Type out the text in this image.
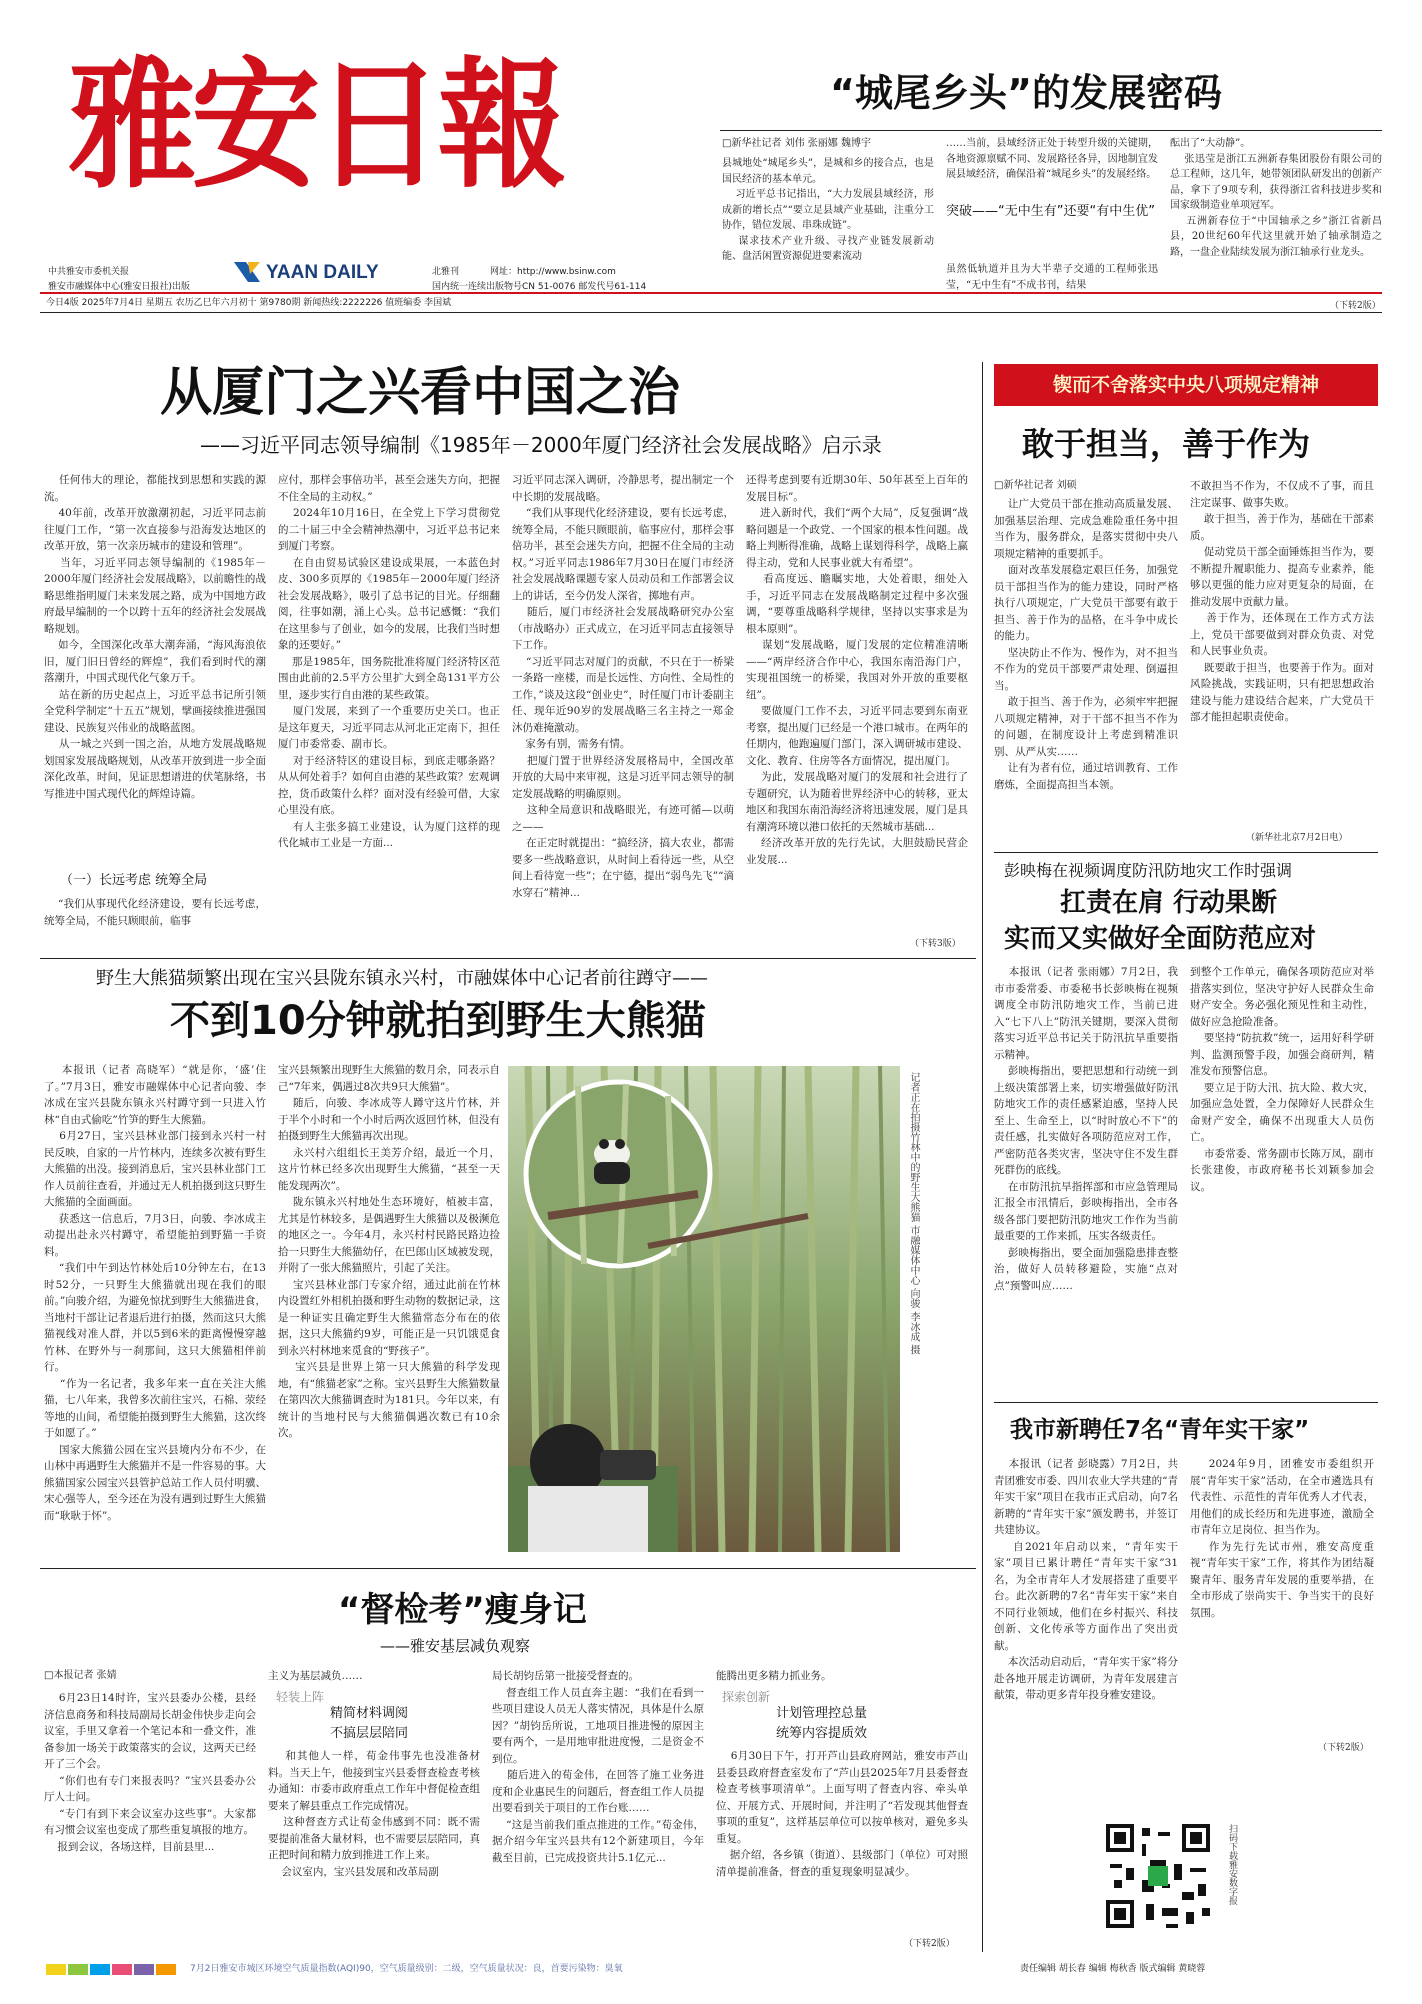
雅安日報
中共雅安市委机关报
雅安市融媒体中心(雅安日报社)出版
YAAN DAILY	北雅刊	网址：http://www.bsinw.com
国内统一连续出版物号CN 51-0076 邮发代号61-114
“城尾乡头”的发展密码
□新华社记者 刘伟 张丽娜 魏博宇
县城地处“城尾乡头”，是城和乡的接合点，也是国民经济的基本单元。
习近平总书记指出，“大力发展县域经济，形成新的增长点”“要立足县域产业基础，注重分工协作，错位发展、串珠成链”。
谋求技术产业升级、寻找产业链发展新动能、盘活闲置资源促进要素流动
……当前，县域经济正处于转型升级的关键期，各地资源禀赋不同、发展路径各异，因地制宜发展县域经济，确保沿着“城尾乡头”的发展经络。
突破——“无中生有”还要“有中生优”
虽然低轨道并且为大半辈子交通的工程师张迅莹，“无中生有”不成书刊，结果
酝出了“大动静”。
张迅莹是浙江五洲新春集团股份有限公司的总工程师，这几年，她带领团队研发出的创新产品，拿下了9项专利，获得浙江省科技进步奖和国家级制造业单项冠军。
五洲新春位于“中国轴承之乡”浙江省新昌县，20世纪60年代这里就开始了轴承制造之路，一盘企业陆续发展为浙江轴承行业龙头。
（下转2版）
今日4版 2025年7月4日 星期五 农历乙巳年六月初十 第9780期 新闻热线:2222226 值班编委 李国斌
从厦门之兴看中国之治
——习近平同志领导编制《1985年－2000年厦门经济社会发展战略》启示录
任何伟大的理论，都能找到思想和实践的源流。
40年前，改革开放激潮初起，习近平同志前往厦门工作，“第一次直接参与沿海发达地区的改革开放，第一次亲历城市的建设和管理”。
当年，习近平同志领导编制的《1985年－2000年厦门经济社会发展战略》，以前瞻性的战略思维指明厦门未来发展之路，成为中国地方政府最早编制的一个以跨十五年的经济社会发展战略规划。
如今，全国深化改革大潮奔涌，“海风海浪依旧，厦门旧日曾经的辉煌”，我们看到时代的潮落潮升，中国式现代化气象万千。
站在新的历史起点上，习近平总书记所引领全党科学制定“十五五”规划，擘画接续推进强国建设、民族复兴伟业的战略蓝图。
从一城之兴到一国之治，从地方发展战略规划国家发展战略规划，从改革开放到进一步全面深化改革，时间，见证思想谱进的伏笔脉络，书写推进中国式现代化的辉煌诗篇。
（一）长远考虑 统筹全局
“我们从事现代化经济建设，要有长远考虑，统筹全局，不能只顾眼前，临事
应付，那样会事倍功半，甚至会迷失方向，把握不住全局的主动权。”
2024年10月16日，在全党上下学习贯彻党的二十届三中全会精神热潮中，习近平总书记来到厦门考察。
在自由贸易试验区建设成果展，一本蓝色封皮、300多页厚的《1985年－2000年厦门经济社会发展战略》，吸引了总书记的目光。仔细翻阅，往事如潮，涌上心头。总书记感慨：“我们在这里参与了创业，如今的发展，比我们当时想象的还要好。”
那是1985年，国务院批准将厦门经济特区范围由此前的2.5平方公里扩大到全岛131平方公里，逐步实行自由港的某些政策。
厦门发展，来到了一个重要历史关口。也正是这年夏天，习近平同志从河北正定南下，担任厦门市委常委、副市长。
对于经济特区的建设目标，到底走哪条路？从从何处着手？如何自由港的某些政策？宏观调控，货币政策什么样？面对没有经验可借，大家心里没有底。
有人主张多搞工业建设，认为厦门这样的现代化城市工业是一方面...
习近平同志深入调研，冷静思考，提出制定一个中长期的发展战略。
“我们从事现代化经济建设，要有长远考虑，统筹全局，不能只顾眼前，临事应付，那样会事倍功半，甚至会迷失方向，把握不住全局的主动权。”习近平同志1986年7月30日在厦门市经济社会发展战略课题专家人员动员和工作部署会议上的讲话，至今仍发人深省，掷地有声。
随后，厦门市经济社会发展战略研究办公室（市战略办）正式成立，在习近平同志直接领导下工作。
“习近平同志对厦门的贡献，不只在于一桥梁一条路一座楼，而是长远性、方向性、全局性的工作，”谈及这段“创业史”，时任厦门市计委副主任、现年近90岁的发展战略三名主持之一郑金沐仍难掩激动。
家务有别，需务有情。
把厦门置于世界经济发展格局中，全国改革开放的大局中来审视，这是习近平同志领导的制定发展战略的明确原则。
这种全局意识和战略眼光，有迹可循—以萌之——
在正定时就提出：“搞经济，搞大农业，都需要多一些战略意识，从时间上看待远一些，从空间上看待宽一些”；在宁德，提出“弱鸟先飞”“滴水穿石”精神...
还得考虑到要有近期30年、50年甚至上百年的发展目标”。
进入新时代，我们“两个大局”，反复强调“战略问题是一个政党、一个国家的根本性问题。战略上判断得准确，战略上谋划得科学，战略上赢得主动，党和人民事业就大有希望”。
看高度远、瞻瞩实地，大处着眼，细处入手，习近平同志在发展战略制定过程中多次强调，“要尊重战略科学规律，坚持以实事求是为根本原则”。
谋划“发展战略，厦门发展的定位精准清晰——“两岸经济合作中心，我国东南沿海门户，实现祖国统一的桥梁，我国对外开放的重要枢纽”。
要做厦门工作不去，习近平同志要到东南亚考察，提出厦门已经是一个港口城市。在两年的任期内，他跑遍厦门部门，深入调研城市建设、文化、教育、住房等各方面情况，提出厦门。
为此，发展战略对厦门的发展和社会进行了专题研究，认为随着世界经济中心的转移，亚太地区和我国东南沿海经济将迅速发展，厦门是具有潮湾环境以港口依托的天然城市基础...
经济改革开放的先行先试，大胆鼓励民营企业发展...
（下转3版）
野生大熊猫频繁出现在宝兴县陇东镇永兴村，市融媒体中心记者前往蹲守——
不到10分钟就拍到野生大熊猫
本报讯（记者 高晓军）“就是你，‘盛’住了。”7月3日，雅安市融媒体中心记者向骏、李冰成在宝兴县陇东镇永兴村蹲守到一只进入竹林“自由式偷吃”竹笋的野生大熊猫。
6月27日，宝兴县林业部门接到永兴村一村民反映，自家的一片竹林内，连续多次被有野生大熊猫的出没。接到消息后，宝兴县林业部门工作人员前往查看，并通过无人机拍摄到这只野生大熊猫的全面画面。
获悉这一信息后，7月3日，向骏、李冰成主动提出赴永兴村蹲守，希望能拍到野猫一手资料。
“我们中午到达竹林处后10分钟左右，在13时52分，一只野生大熊猫就出现在我们的眼前。”向骏介绍，为避免惊扰到野生大熊猫进食，当地村干部让记者退后进行拍摄，然而这只大熊猫视线对准人群，并以5到6米的距离慢慢穿越竹林、在野外与一刹那间，这只大熊猫相伴前行。
“作为一名记者，我多年来一直在关注大熊猫，七八年来，我曾多次前往宝兴，石棉、荥经等地的山间，希望能拍摄到野生大熊猫，这次终于如愿了。”
国家大熊猫公园在宝兴县境内分布不少，在山林中再遇野生大熊猫并不是一件容易的事。大熊猫国家公园宝兴县管护总站工作人员付明骥、宋心强等人，至今还在为没有遇到过野生大熊猫而“耿耿于怀”。
宝兴县频繁出现野生大熊猫的数月余，同表示自己“7年来，偶遇过8次共9只大熊猫”。
随后，向骏、李冰成等人蹲守这片竹林，并于半个小时和一个小时后两次返回竹林，但没有拍摄到野生大熊猫再次出现。
永兴村六组组长王美芳介绍，最近一个月，这片竹林已经多次出现野生大熊猫，“甚至一天能发现两次”。
陇东镇永兴村地处生态环境好，植被丰富，尤其是竹林较多，是偶遇野生大熊猫以及极濒危的地区之一。今年4月，永兴村村民路民路边捡拾一只野生大熊猫幼仔，在巴郎山区域被发现，并附了一张大熊猫照片，引起了关注。
宝兴县林业部门专家介绍，通过此前在竹林内设置红外相机拍摄和野生动物的数据记录，这是一种证实且确定野生大熊猫常态分布在的依据，这只大熊猫约9岁，可能正是一只饥饿觅食到永兴村林地来觅食的“野孩子”。
宝兴县是世界上第一只大熊猫的科学发现地，有“熊猫老家”之称。宝兴县野生大熊猫数量在第四次大熊猫调查时为181只。今年以来，有统计的当地村民与大熊猫偶遇次数已有10余次。
记者正在拍摄竹林中的野生大熊猫 市融媒体中心 向骏 李冰成 摄
“督检考”瘦身记
——雅安基层减负观察
□本报记者 张婧
6月23日14时许，宝兴县委办公楼，县经济信息商务和科技局副局长胡金伟快步走向会议室，手里又拿着一个笔记本和一叠文件，准备参加一场关于政策落实的会议，这两天已经开了三个会。
“你们也有专门来报表吗？”宝兴县委办公厅人士问。
“专门有到下来会议室办这些事”。大家都有习惯会议室也变成了那些重复填报的地方。
报到会议，各场这样，目前县里...
主义为基层减负……
轻装上阵
精简材料调阅
不搞层层陪同
和其他人一样，荀金伟事先也没准备材料。当天上午，他接到宝兴县委督查检查考核办通知：市委市政府重点工作年中督促检查组要来了解县重点工作完成情况。
这种督查方式让荀金伟感到不同：既不需要提前准备大量材料，也不需要层层陪同，真正把时间和精力放到推进工作上来。
会议室内，宝兴县发展和改革局副
局长胡钧岳第一批接受督查的。
督查组工作人员直奔主题：“我们在看到一些项目建设人员无人落实情况，具体是什么原因？”胡钧岳所说，工地项目推进慢的原因主要有两个，一是用地审批进度慢，二是资金不到位。
随后进入的荀金伟，在回答了施工业务进度和企业惠民生的问题后，督查组工作人员提出要看到关于项目的工作台账……
“这是当前我们重点推进的工作。”荀金伟，据介绍今年宝兴县共有12个新建项目，今年截至目前，已完成投资共计5.1亿元...
能腾出更多精力抓业务。
探索创新
计划管理控总量
统筹内容提质效
6月30日下午，打开芦山县政府网站，雅安市芦山县委县政府督查室发布了“芦山县2025年7月县委督查检查考核事项清单”。上面写明了督查内容、牵头单位、开展方式、开展时间，并注明了“若发现其他督查事项的重复”，这样基层单位可以按单核对，避免多头重复。
据介绍，各乡镇（街道）、县级部门（单位）可对照清单提前准备，督查的重复现象明显减少。
（下转2版）
锲而不舍落实中央八项规定精神
敢于担当，善于作为
□新华社记者 刘硕
让广大党员干部在推动高质量发展、加强基层治理、完成急难险重任务中担当作为，服务群众，是落实贯彻中央八项规定精神的重要抓手。
面对改革发展稳定艰巨任务，加强党员干部担当作为的能力建设，同时严格执行八项规定，广大党员干部要有敢于担当、善于作为的品格，在斗争中成长的能力。
坚决防止不作为、慢作为，对不担当不作为的党员干部要严肃处理、倒逼担当。
敢于担当、善于作为，必须牢牢把握八项规定精神，对于干部不担当不作为的问题，在制度设计上考虑到精准识别、从严从实……
让有为者有位，通过培训教育、工作磨炼，全面提高担当本领。
不敢担当不作为，不仅成不了事，而且注定谋事、做事失败。
敢于担当，善于作为，基础在干部素质。
促动党员干部全面锤炼担当作为，要不断提升履职能力、提高专业素养，能够以更强的能力应对更复杂的局面，在推动发展中贡献力量。
善于作为，还体现在工作方式方法上，党员干部要做到对群众负责、对党和人民事业负责。
既要敢于担当，也要善于作为。面对风险挑战，实践证明，只有把思想政治建设与能力建设结合起来，广大党员干部才能担起职责使命。
（新华社北京7月2日电）
彭映梅在视频调度防汛防地灾工作时强调
扛责在肩 行动果断
实而又实做好全面防范应对
本报讯（记者 张雨娜）7月2日，我市市委常委、市委秘书长彭映梅在视频调度全市防汛防地灾工作，当前已进入“七下八上”防汛关键期，要深入贯彻落实习近平总书记关于防汛抗旱重要指示精神。
彭映梅指出，要把思想和行动统一到上级决策部署上来，切实增强做好防汛防地灾工作的责任感紧迫感，坚持人民至上、生命至上，以“时时放心不下”的责任感，扎实做好各项防范应对工作，严密防范各类灾害，坚决守住不发生群死群伤的底线。
在市防汛抗旱指挥部和市应急管理局汇报全市汛情后，彭映梅指出，全市各级各部门要把防汛防地灾工作作为当前最重要的工作来抓，压实各级责任。
彭映梅指出，要全面加强隐患排查整治，做好人员转移避险，实施“点对点”预警叫应……
到整个工作单元，确保各项防范应对举措落实到位，坚决守护好人民群众生命财产安全。务必强化预见性和主动性，做好应急抢险准备。
要坚持“防抗救”统一，运用好科学研判、监测预警手段，加强会商研判，精准发布预警信息。
要立足于防大汛、抗大险、救大灾，加强应急处置，全力保障好人民群众生命财产安全，确保不出现重大人员伤亡。
市委常委、常务副市长陈万凤，副市长张建俊，市政府秘书长刘颖参加会议。
我市新聘任7名“青年实干家”
本报讯（记者 彭晓露）7月2日，共青团雅安市委、四川农业大学共建的“青年实干家”项目在我市正式启动，向7名新聘的“青年实干家”颁发聘书，并签订共建协议。
自2021年启动以来，“青年实干家”项目已累计聘任“青年实干家”31名，为全市青年人才发展搭建了重要平台。此次新聘的7名“青年实干家”来自不同行业领域，他们在乡村振兴、科技创新、文化传承等方面作出了突出贡献。
本次活动启动后，“青年实干家”将分赴各地开展走访调研，为青年发展建言献策，带动更多青年投身雅安建设。
2024年9月，团雅安市委组织开展“青年实干家”活动，在全市遴选具有代表性、示范性的青年优秀人才代表，用他们的成长经历和先进事迹，激励全市青年立足岗位、担当作为。
作为先行先试市州，雅安高度重视“青年实干家”工作，将其作为团结凝聚青年、服务青年发展的重要举措，在全市形成了崇尚实干、争当实干的良好氛围。
（下转2版）
扫码下载雅安数字报
7月2日雅安市城区环境空气质量指数(AQI)90，空气质量级别：二级，空气质量状况：良，首要污染物：臭氧	责任编辑 胡长春 编辑 梅秋香 版式编辑 黄晓蓉
